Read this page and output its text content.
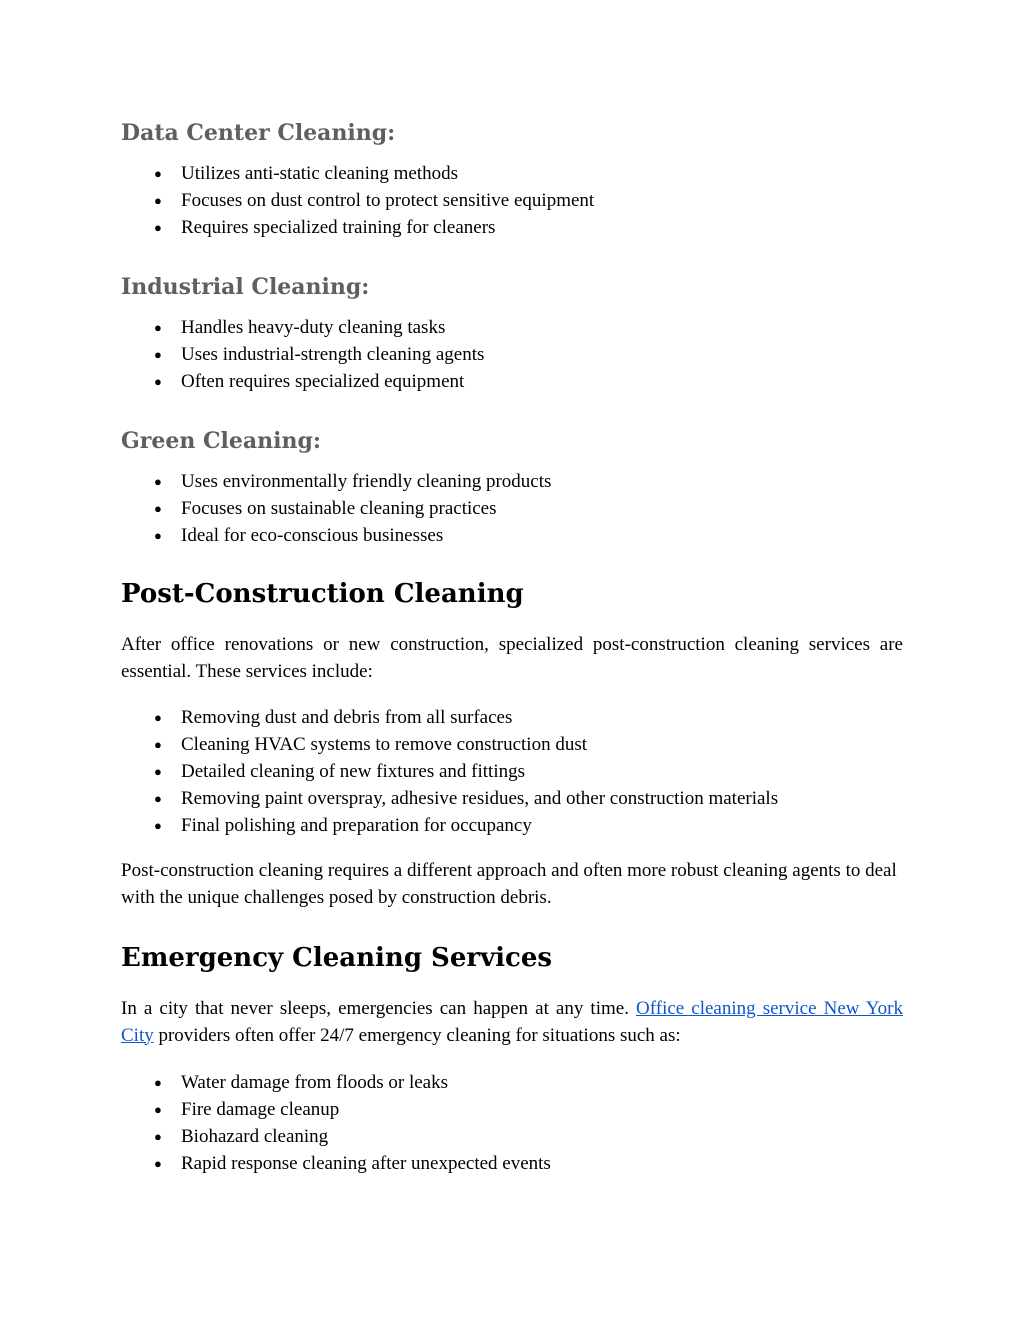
Data Center Cleaning:
● Utilizes anti-static cleaning methods
● Focuses on dust control to protect sensitive equipment
● Requires specialized training for cleaners
Industrial Cleaning:
● Handles heavy-duty cleaning tasks
● Uses industrial-strength cleaning agents
● Often requires specialized equipment
Green Cleaning:
● Uses environmentally friendly cleaning products
● Focuses on sustainable cleaning practices
● Ideal for eco-conscious businesses
Post-Construction Cleaning

After office renovations or new construction, specialized post-construction cleaning services are essential. These services include:

● Removing dust and debris from all surfaces
● Cleaning HVAC systems to remove construction dust
● Detailed cleaning of new fixtures and fittings
● Removing paint overspray, adhesive residues, and other construction materials
● Final polishing and preparation for occupancy

Post-construction cleaning requires a different approach and often more robust cleaning agents to deal with the unique challenges posed by construction debris.

Emergency Cleaning Services

In a city that never sleeps, emergencies can happen at any time. Office cleaning service New York City providers often offer 24/7 emergency cleaning for situations such as:

● Water damage from floods or leaks
● Fire damage cleanup
● Biohazard cleaning
● Rapid response cleaning after unexpected events
